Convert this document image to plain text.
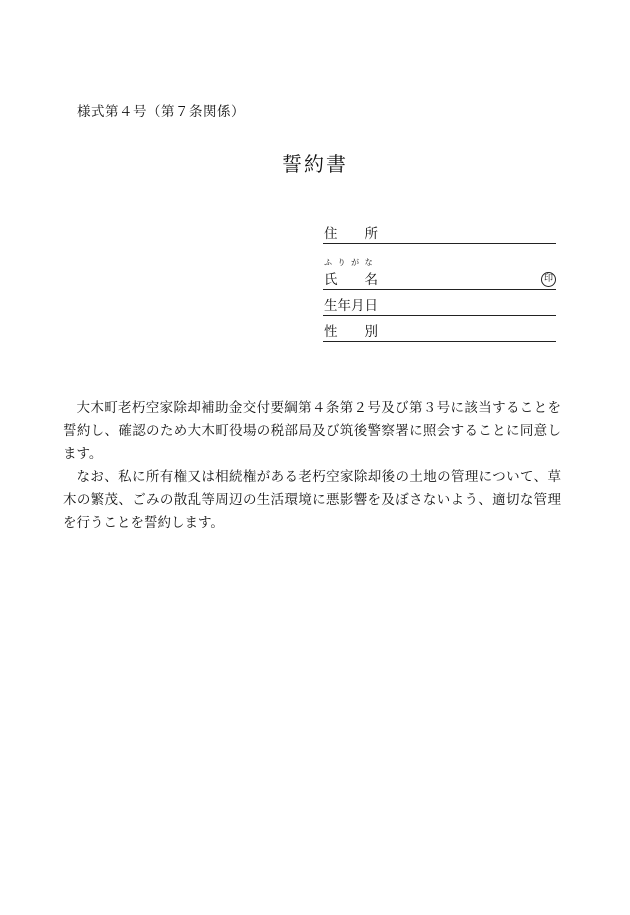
様式第４号（第７条関係）
誓約書
住　　所
ふ り が な
氏　　名	印
生年月日
性　　別

大木町老朽空家除却補助金交付要綱第４条第２号及び第３号に該当することを誓約し、確認のため大木町役場の税部局及び筑後警察署に照会することに同意します。

なお、私に所有権又は相続権がある老朽空家除却後の土地の管理について、草木の繁茂、ごみの散乱等周辺の生活環境に悪影響を及ぼさないよう、適切な管理を行うことを誓約します。
